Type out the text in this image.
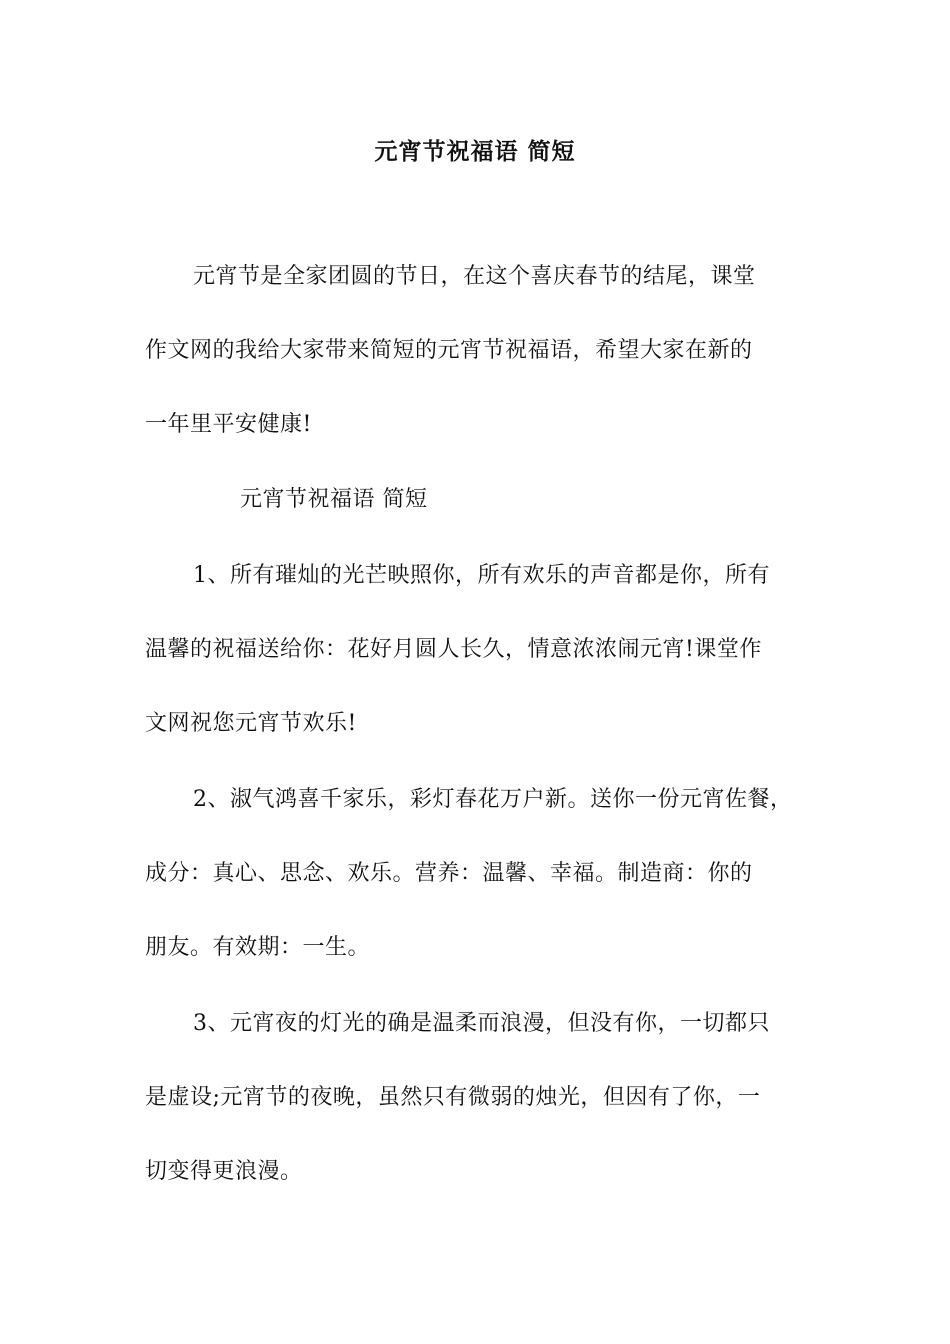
元宵节祝福语 简短
元宵节是全家团圆的节日，在这个喜庆春节的结尾，课堂
作文网的我给大家带来简短的元宵节祝福语，希望大家在新的
一年里平安健康!
元宵节祝福语 简短
1、所有璀灿的光芒映照你，所有欢乐的声音都是你，所有
温馨的祝福送给你：花好月圆人长久，情意浓浓闹元宵!课堂作
文网祝您元宵节欢乐!
2、淑气鸿喜千家乐，彩灯春花万户新。送你一份元宵佐餐，
成分：真心、思念、欢乐。营养：温馨、幸福。制造商：你的
朋友。有效期：一生。
3、元宵夜的灯光的确是温柔而浪漫，但没有你，一切都只
是虚设;元宵节的夜晚，虽然只有微弱的烛光，但因有了你，一
切变得更浪漫。
